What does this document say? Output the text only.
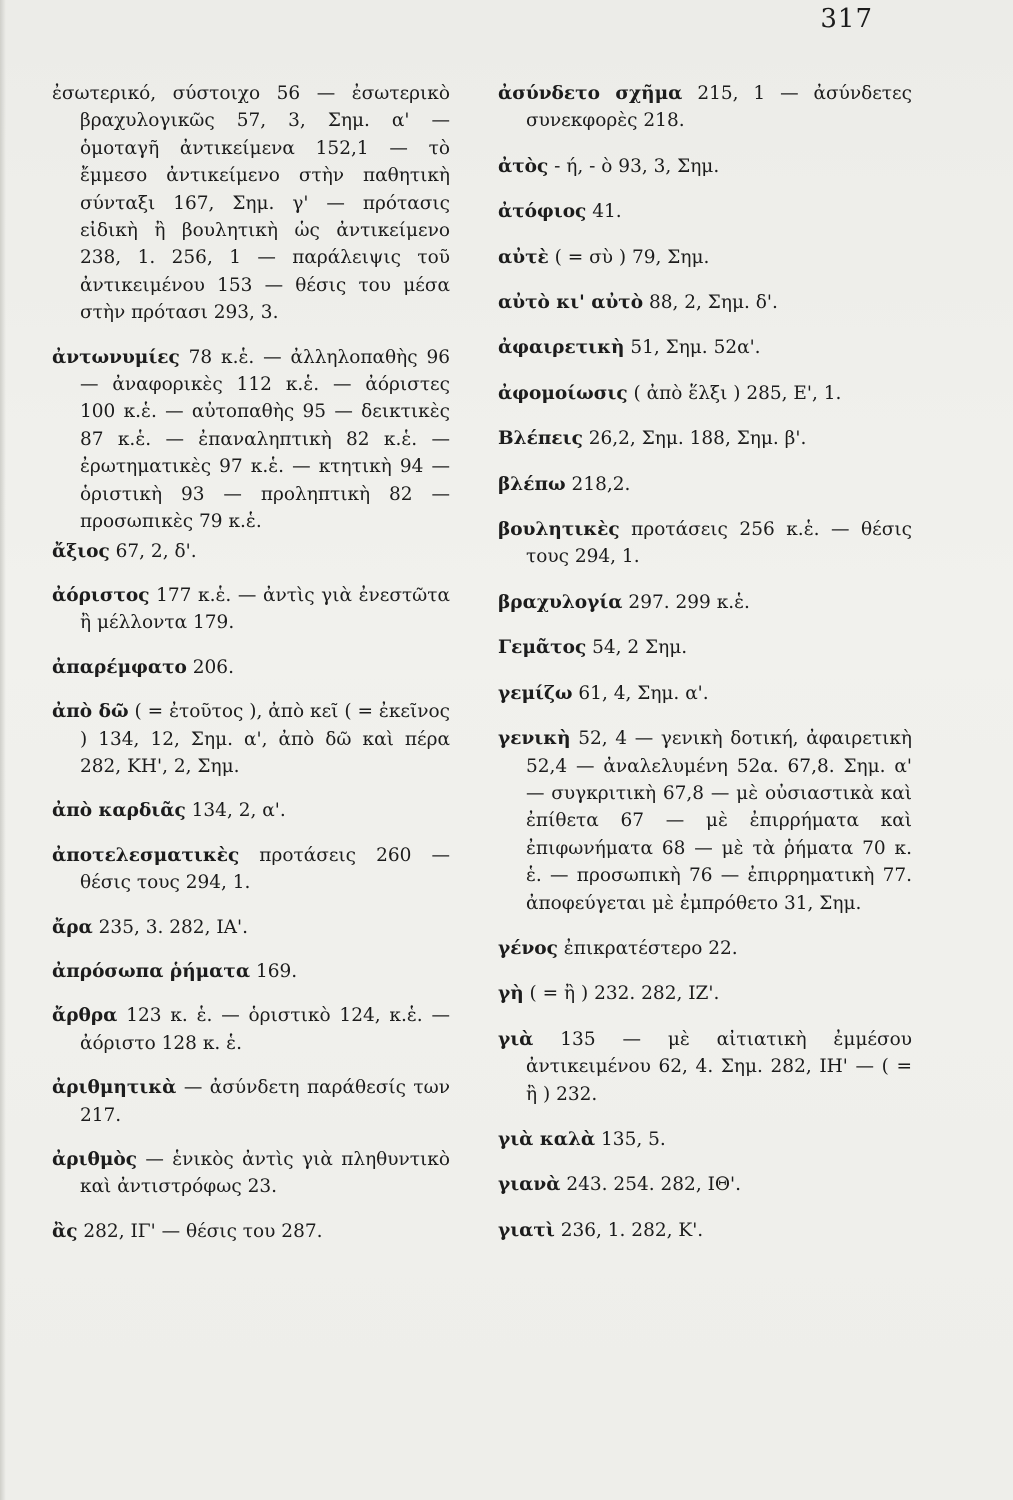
317

ἐσωτερικό, σύστοιχο 56 — ἐσωτερικὸ βραχυλογικῶς 57, 3, Σημ. α' — ὁμοταγῆ ἀντικείμενα 152,1 — τὸ ἔμμεσο ἀντικείμενο στὴν παθητικὴ σύνταξι 167, Σημ. γ' — πρότασις εἰδικὴ ἢ βουλητικὴ ὡς ἀντικείμενο 238, 1. 256, 1 — παράλειψις τοῦ ἀντικειμένου 153 — θέσις του μέσα στὴν πρότασι 293, 3.

ἀντωνυμίες 78 κ.ἑ. — ἀλληλοπαθὴς 96 — ἀναφορικὲς 112 κ.ἑ. — ἀόριστες 100 κ.ἑ. — αὐτοπαθὴς 95 — δεικτικὲς 87 κ.ἑ. — ἐπαναληπτικὴ 82 κ.ἑ. — ἐρωτηματικὲς 97 κ.ἑ. — κτητικὴ 94 — ὁριστικὴ 93 — προληπτικὴ 82 — προσωπικὲς 79 κ.ἑ.

ἄξιος 67, 2, δ'.

ἀόριστος 177 κ.ἑ. — ἀντὶς γιὰ ἐνεστῶτα ἢ μέλλοντα 179.

ἀπαρέμφατο 206.

ἀπὸ δῶ ( = ἐτοῦτος ), ἀπὸ κεῖ ( = ἐκεῖνος ) 134, 12, Σημ. α', ἀπὸ δῶ καὶ πέρα 282, ΚΗ', 2, Σημ.

ἀπὸ καρδιᾶς 134, 2, α'.

ἀποτελεσματικὲς προτάσεις 260 — θέσις τους 294, 1.

ἄρα 235, 3. 282, ΙΑ'.

ἀπρόσωπα ῥήματα 169.

ἄρθρα 123 κ. ἑ. — ὁριστικὸ 124, κ.ἑ. — ἀόριστο 128 κ. ἑ.

ἀριθμητικὰ — ἀσύνδετη παράθεσίς των 217.

ἀριθμὸς — ἑνικὸς ἀντὶς γιὰ πληθυντικὸ καὶ ἀντιστρόφως 23.

ἂς 282, ΙΓ' — θέσις του 287.

ἀσύνδετο σχῆμα 215, 1 — ἀσύνδετες συνεκφορὲς 218.

ἀτὸς - ή, - ὸ 93, 3, Σημ.

ἀτόφιος 41.

αὐτὲ ( = σὺ ) 79, Σημ.

αὐτὸ κι' αὐτὸ 88, 2, Σημ. δ'.

ἀφαιρετικὴ 51, Σημ. 52α'.

ἀφομοίωσις ( ἀπὸ ἕλξι ) 285, Ε', 1.

Βλέπεις 26,2, Σημ. 188, Σημ. β'.

βλέπω 218,2.

βουλητικὲς προτάσεις 256 κ.ἑ. — θέσις τους 294, 1.

βραχυλογία 297. 299 κ.ἑ.

Γεμᾶτος 54, 2 Σημ.

γεμίζω 61, 4, Σημ. α'.

γενικὴ 52, 4 — γενικὴ δοτική, ἀφαιρετικὴ 52,4 — ἀναλελυμένη 52α. 67,8. Σημ. α' — συγκριτικὴ 67,8 — μὲ οὐσιαστικὰ καὶ ἐπίθετα 67 — μὲ ἐπιρρήματα καὶ ἐπιφωνήματα 68 — μὲ τὰ ῥήματα 70 κ. ἑ. — προσωπικὴ 76 — ἐπιρρηματικὴ 77. ἀποφεύγεται μὲ ἐμπρόθετο 31, Σημ.

γένος ἐπικρατέστερο 22.

γὴ ( = ἢ ) 232. 282, ΙΖ'.

γιὰ 135 — μὲ αἰτιατικὴ ἐμμέσου ἀντικειμένου 62, 4. Σημ. 282, ΙΗ' — ( = ἢ ) 232.

γιὰ καλὰ 135, 5.

γιανὰ 243. 254. 282, ΙΘ'.

γιατὶ 236, 1. 282, Κ'.
